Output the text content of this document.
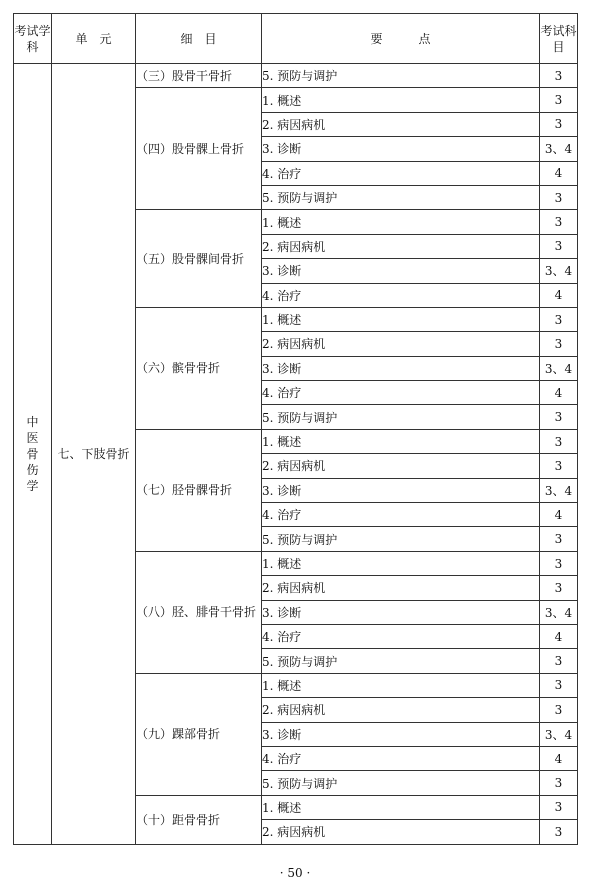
考试学科	单　元	细　目	要　　　点	考试科目
中医骨伤学	七、下肢骨折	（三）股骨干骨折	5. 预防与调护	3
		（四）股骨髁上骨折	1. 概述	3
			2. 病因病机	3
			3. 诊断	3、4
			4. 治疗	4
			5. 预防与调护	3
		（五）股骨髁间骨折	1. 概述	3
			2. 病因病机	3
			3. 诊断	3、4
			4. 治疗	4
		（六）髌骨骨折	1. 概述	3
			2. 病因病机	3
			3. 诊断	3、4
			4. 治疗	4
			5. 预防与调护	3
		（七）胫骨髁骨折	1. 概述	3
			2. 病因病机	3
			3. 诊断	3、4
			4. 治疗	4
			5. 预防与调护	3
		（八）胫、腓骨干骨折	1. 概述	3
			2. 病因病机	3
			3. 诊断	3、4
			4. 治疗	4
			5. 预防与调护	3
		（九）踝部骨折	1. 概述	3
			2. 病因病机	3
			3. 诊断	3、4
			4. 治疗	4
			5. 预防与调护	3
		（十）距骨骨折	1. 概述	3
			2. 病因病机	3
· 50 ·
